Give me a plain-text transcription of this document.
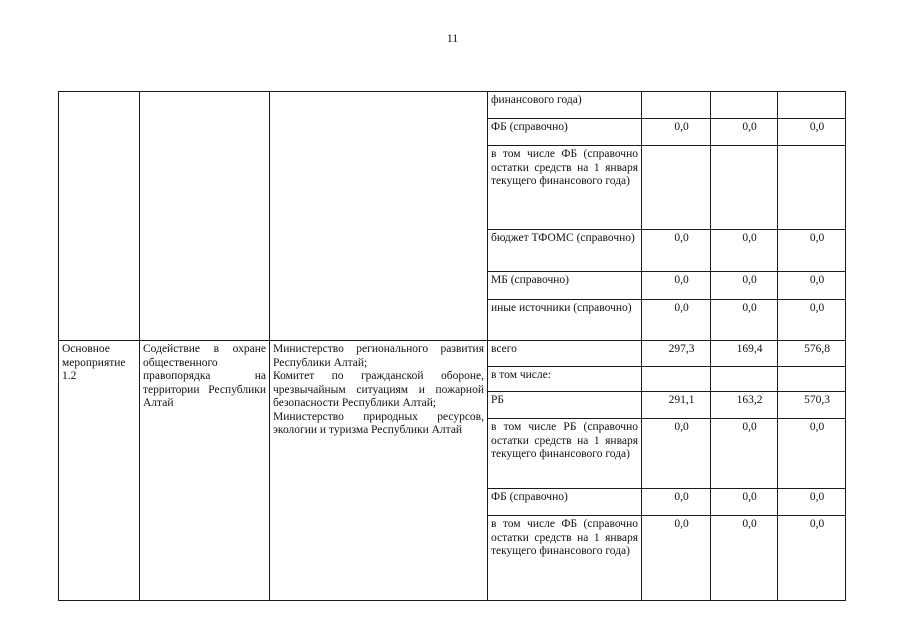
11
			финансового года)			
			ФБ (справочно)	0,0	0,0	0,0
			в том числе ФБ (справочно остатки средств на 1 января текущего финансового года)			
			бюджет ТФОМС (справочно)	0,0	0,0	0,0
			МБ (справочно)	0,0	0,0	0,0
			иные источники (справочно)	0,0	0,0	0,0
Основное мероприятие 1.2	Содействие в охране общественного правопорядка на территории Республики Алтай	Министерство регионального развития Республики Алтай;
Комитет по гражданской обороне, чрезвычайным ситуациям и пожарной безопасности Республики Алтай;
Министерство природных ресурсов, экологии и туризма Республики Алтай	всего	297,3	169,4	576,8
			в том числе:			
			РБ	291,1	163,2	570,3
			в том числе РБ (справочно остатки средств на 1 января текущего финансового года)	0,0	0,0	0,0
			ФБ (справочно)	0,0	0,0	0,0
			в том числе ФБ (справочно остатки средств на 1 января текущего финансового года)	0,0	0,0	0,0
